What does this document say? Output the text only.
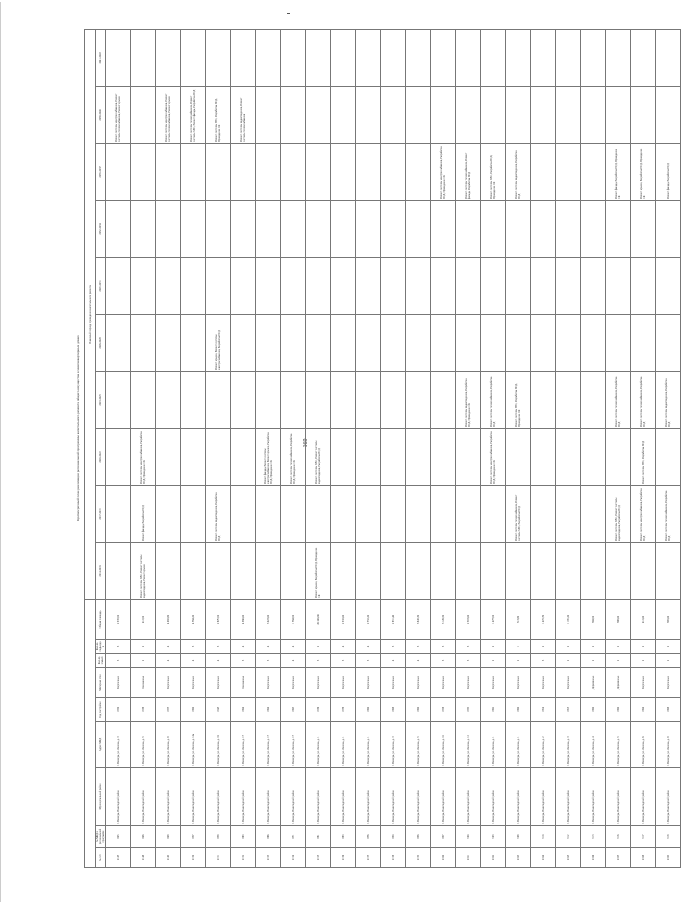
160
Краткосрочный план реализации региональной программы капитального ремонта общего имущества в многоквартирных домах
									Плановый период проведения капитального ремонта									
№ п/п	№ МКД в региональной программе	Муниципальный район	Адрес МКД	Год постройки	Материал стен	Кол-во этажей	Кол-во подъездов	Общая площадь	2014-2016	2017-2019	2020-2022	2023-2025	2026-2028	2029-2031	2032-2034	2035-2037	2038-2040	2041-2043
2147	845	г. Вологда, Вологодский район	г. Вологда, ул. Ленина, д. 3	1950	Кирпичные	3	3	2 935,90									Ремонт системы электроснабжения, Ремонт системы теплоснабжения, Ремонт крыши	
2148	846	г. Вологда, Вологодский район	г. Вологда, ул. Ленина, д. 5	1938	Смешанные	2	2	412,90	Ремонт системы ХВС, Ремонт системы водоотведения, Ремонт крыши	Ремонт фасада, Разработка ПСД	Ремонт системы электроснабжения, Разработка ПСД, Проведение СК							
2149	848	г. Вологда, Вологодский район	г. Вологда, ул. Ленина, д. 8	1957	Кирпичные	4	4	4 082,80									Ремонт системы электроснабжения, Ремонт системы теплоснабжения, Ремонт крыши	
2150	857	г. Вологда, Вологодский район	г. Вологда, ул. Ленина, д. 14а	1960	Кирпичные	4	3	4 764,20									Ремонт системы теплоснабжения, Ремонт системы ХВС, Ремонт фасада, Разработка ПСД	
2151	858	г. Вологда, Вологодский район	г. Вологда, ул. Ленина, д. 16	1945	Кирпичные	4	3	2 879,90		Ремонт системы водоотведения, Разработка ПСД			Ремонт крыши, Ремонт системы электроснабжения, Разработка ПСД				Ремонт системы ГВС, Разработка ПСД, Проведение СК	
2152	863	г. Вологда, Вологодский район	г. Вологда, ул. Ленина, д. 17	1964	Смешанные	5	4	4 960,00									Ремонт системы водоотведения, Ремонт системы теплоснабжения	
2153	866	г. Вологда, Вологодский район	г. Вологда, ул. Ленина, д. 17	1964	Кирпичные	5	4	3 023,00			Ремонт фасада, Ремонт системы электроснабжения, Ремонт крыши, Разработка ПСД, Проведение СК							
2154	871	г. Вологда, Вологодский район	г. Вологда, ул. Ленина, д. 17	1963	Кирпичные	4	4	1 764,90			Ремонт системы теплоснабжения, Разработка ПСД, Проведение СК							
2155	881	г. Вологда, Вологодский район	г. Вологда, ул. Ленина, д. 1	1936	Кирпичные	3	2	20 240,00	Ремонт крыши, Разработка ПСД, Проведение СК		Ремонт системы ХВС, Ремонт системы водоотведения, Разработка ПСД							
2156	883	г. Вологда, Вологодский район	г. Вологда, ул. Ленина, д. 1	1978	Кирпичные	5	4	2 932,00										
2157	876	г. Вологда, Вологодский район	г. Вологда, ул. Ленина, д. 1	1960	Кирпичные	5	4	2 752,20										
2158	890	г. Вологда, Вологодский район	г. Вологда, ул. Ленина, д. 3	1968	Кирпичные	4	3	2 851,40										
2159	896	г. Вологда, Вологодский район	г. Вологда, ул. Ленина, д. 5	1960	Кирпичные	4	3	3 845,30										
2160	897	г. Вологда, Вологодский район	г. Вологда, ул. Ленина, д. 10	1958	Кирпичные	3	3	3 126,50								Ремонт системы электроснабжения, Разработка ПСД, Проведение СК		
2161	900	г. Вологда, Вологодский район	г. Вологда, ул. Ленина, д. 12	1959	Кирпичные	3	3	2 393,00				Ремонт системы водоотведения, Разработка ПСД, Проведение СК				Ремонт системы теплоснабжения, Ремонт фасада, Разработка ПСД		
2162	903	г. Вологда, Вологодский район	г. Вологда, ул. Ленина, д. 1	1962	Кирпичные	2	2	1 477,90			Ремонт системы электроснабжения, Разработка ПСД, Проведение СК	Ремонт системы теплоснабжения, Разработка ПСД				Ремонт системы ХВС, Разработка ПСД, Проведение СК		
2163	908	г. Вологда, Вологодский район	г. Вологда, ул. Ленина, д. 1	1960	Кирпичные	2	1	513,80		Ремонт системы теплоснабжения, Ремонт системы ХВС, Разработка ПСД		Ремонт системы ГВС, Разработка ПСД, Проведение СК				Ремонт системы водоотведения, Разработка ПСД		
2164	910	г. Вологда, Вологодский район	г. Вологда, ул. Ленина, д. 2	1994	Кирпичные	3	2	1 472,70										
2165	912	г. Вологда, Вологодский район	г. Вологда, ул. Ленина, д. 3	1995	Кирпичные	2	2	1 199,20										
2166	913	г. Вологда, Вологодский район	г. Вологда, ул. Ленина, д. 4	1960	Деревянные	2	2	384,90										
2167	916	г. Вологда, Вологодский район	г. Вологда, ул. Ленина, д. 5	1960	Деревянные	2	2	388,00		Ремонт системы ХВС, Ремонт системы водоотведения, Разработка ПСД		Ремонт системы теплоснабжения, Разработка ПСД				Ремонт фасада, Разработка ПСД, Проведение СК		
2168	917	г. Вологда, Вологодский район	г. Вологда, ул. Ленина, д. 6	1964	Кирпичные	2	2	412,00		Ремонт системы электроснабжения, Разработка ПСД	Ремонт системы ГВС, Разработка ПСД	Ремонт системы теплоснабжения, Разработка ПСД				Ремонт крыши, Разработка ПСД, Проведение СК		
2169	918	г. Вологда, Вологодский район	г. Вологда, ул. Ленина, д. 8	1968	Кирпичные	2	2	385,00		Ремонт системы теплоснабжения, Разработка ПСД		Ремонт системы водоотведения, Разработка ПСД				Ремонт фасада, Разработка ПСД		
